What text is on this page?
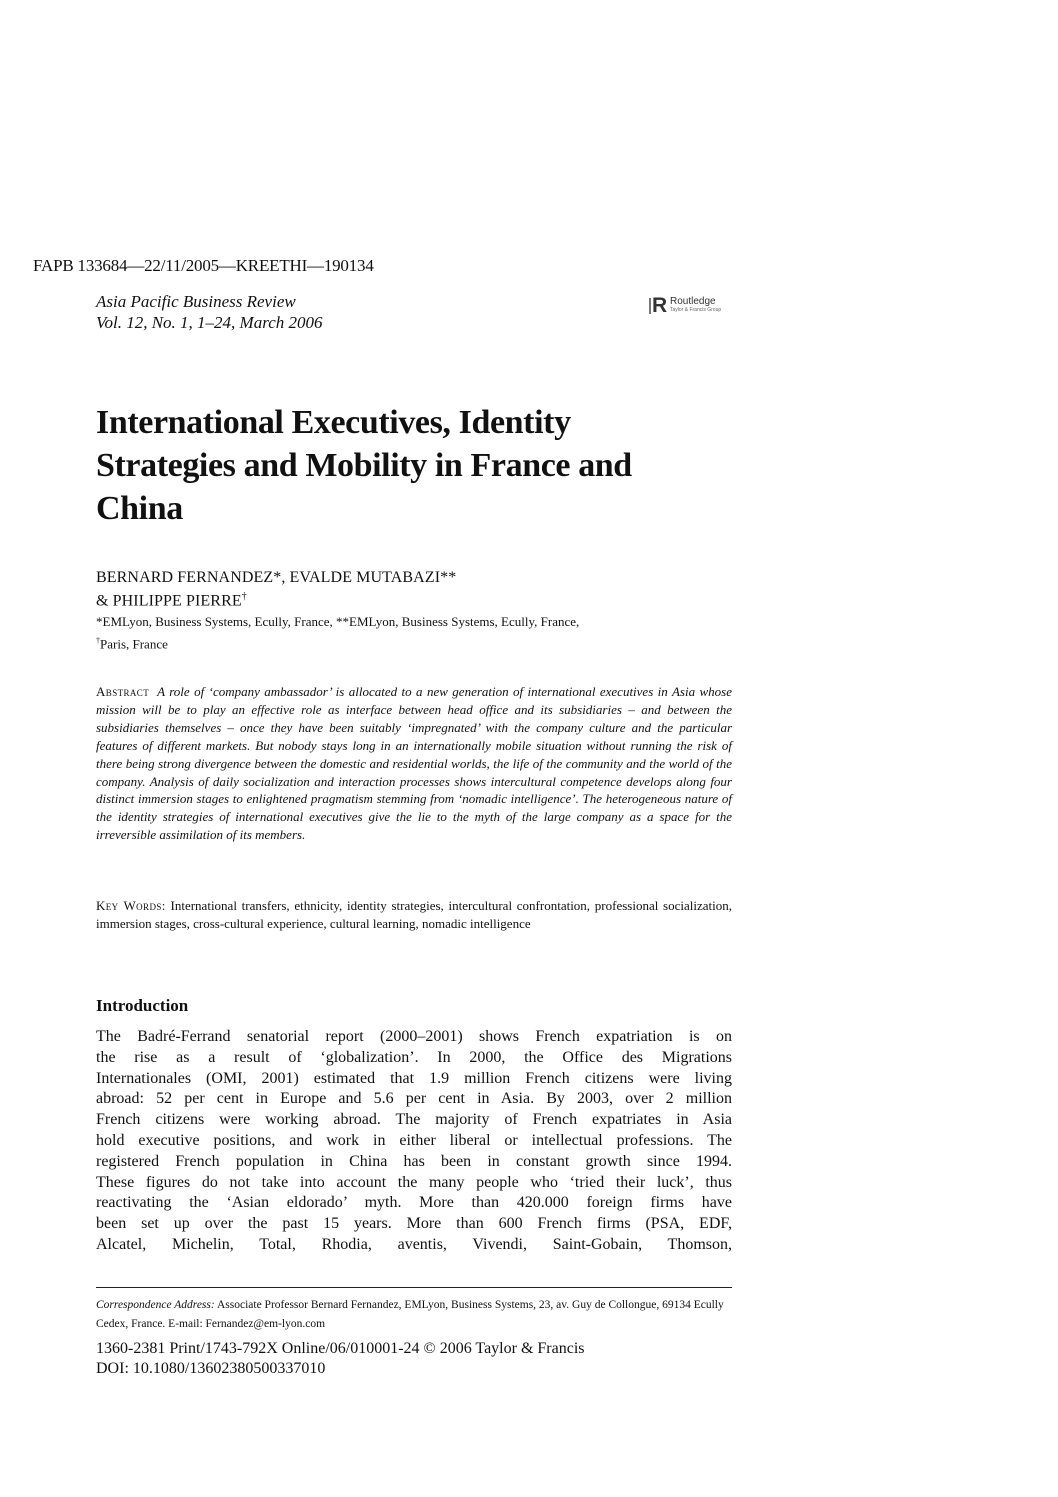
FAPB 133684—22/11/2005—KREETHI—190134
Asia Pacific Business Review
Vol. 12, No. 1, 1–24, March 2006
R Routledge
Taylor & Francis Group
International Executives, Identity Strategies and Mobility in France and China
BERNARD FERNANDEZ*, EVALDE MUTABAZI**
& PHILIPPE PIERRE†
*EMLyon, Business Systems, Ecully, France, **EMLyon, Business Systems, Ecully, France,
†Paris, France
Abstract A role of ‘company ambassador’ is allocated to a new generation of international executives in Asia whose mission will be to play an effective role as interface between head office and its subsidiaries – and between the subsidiaries themselves – once they have been suitably ‘impregnated’ with the company culture and the particular features of different markets. But nobody stays long in an internationally mobile situation without running the risk of there being strong divergence between the domestic and residential worlds, the life of the community and the world of the company. Analysis of daily socialization and interaction processes shows intercultural competence develops along four distinct immersion stages to enlightened pragmatism stemming from ‘nomadic intelligence’. The heterogeneous nature of the identity strategies of international executives give the lie to the myth of the large company as a space for the irreversible assimilation of its members.
Key Words: International transfers, ethnicity, identity strategies, intercultural confrontation, professional socialization, immersion stages, cross-cultural experience, cultural learning, nomadic intelligence
Introduction
The Badré-Ferrand senatorial report (2000–2001) shows French expatriation is on
the rise as a result of ‘globalization’. In 2000, the Office des Migrations
Internationales (OMI, 2001) estimated that 1.9 million French citizens were living
abroad: 52 per cent in Europe and 5.6 per cent in Asia. By 2003, over 2 million
French citizens were working abroad. The majority of French expatriates in Asia
hold executive positions, and work in either liberal or intellectual professions. The
registered French population in China has been in constant growth since 1994.
These figures do not take into account the many people who ‘tried their luck’, thus
reactivating the ‘Asian eldorado’ myth. More than 420.000 foreign firms have
been set up over the past 15 years. More than 600 French firms (PSA, EDF,
Alcatel, Michelin, Total, Rhodia, aventis, Vivendi, Saint-Gobain, Thomson,
Correspondence Address: Associate Professor Bernard Fernandez, EMLyon, Business Systems, 23, av. Guy de Collongue, 69134 Ecully Cedex, France. E-mail: Fernandez@em-lyon.com
1360-2381 Print/1743-792X Online/06/010001-24 © 2006 Taylor & Francis
DOI: 10.1080/13602380500337010
